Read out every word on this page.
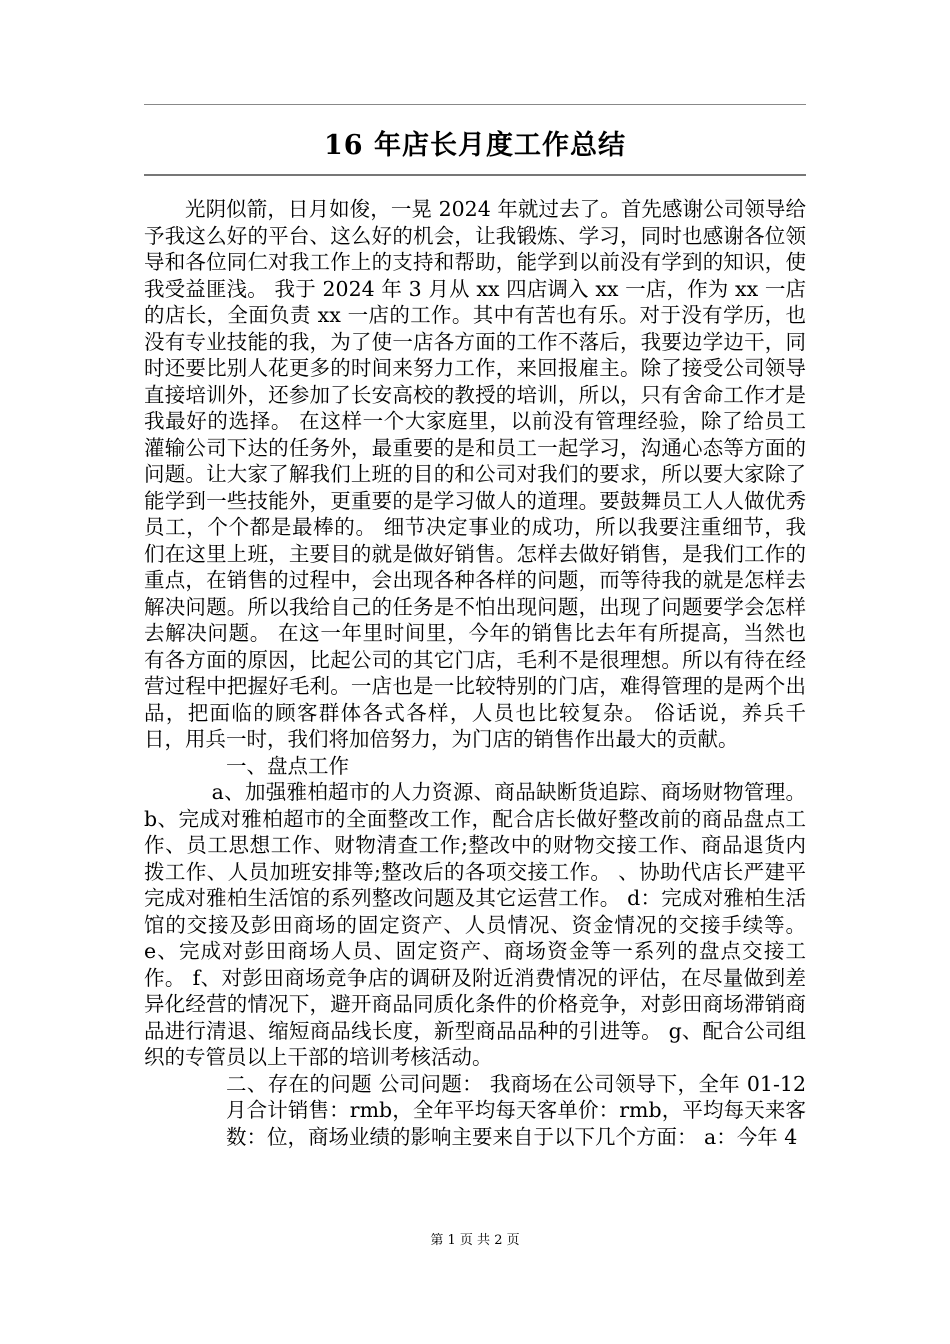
16 年店长月度工作总结

光阴似箭，日月如俊，一晃 2024 年就过去了。首先感谢公司领导给予我这么好的平台、这么好的机会，让我锻炼、学习，同时也感谢各位领导和各位同仁对我工作上的支持和帮助，能学到以前没有学到的知识，使我受益匪浅。 我于 2024 年 3 月从 xx 四店调入 xx 一店，作为 xx 一店的店长，全面负责 xx 一店的工作。其中有苦也有乐。对于没有学历，也没有专业技能的我，为了使一店各方面的工作不落后，我要边学边干，同时还要比别人花更多的时间来努力工作，来回报雇主。除了接受公司领导直接培训外，还参加了长安高校的教授的培训，所以，只有舍命工作才是我最好的选择。 在这样一个大家庭里，以前没有管理经验，除了给员工灌输公司下达的任务外，最重要的是和员工一起学习，沟通心态等方面的问题。让大家了解我们上班的目的和公司对我们的要求，所以要大家除了能学到一些技能外，更重要的是学习做人的道理。要鼓舞员工人人做优秀员工，个个都是最棒的。 细节决定事业的成功，所以我要注重细节，我们在这里上班，主要目的就是做好销售。怎样去做好销售，是我们工作的重点，在销售的过程中，会出现各种各样的问题，而等待我的就是怎样去解决问题。所以我给自己的任务是不怕出现问题，出现了问题要学会怎样去解决问题。 在这一年里时间里，今年的销售比去年有所提高，当然也有各方面的原因，比起公司的其它门店，毛利不是很理想。所以有待在经营过程中把握好毛利。一店也是一比较特别的门店，难得管理的是两个出品，把面临的顾客群体各式各样，人员也比较复杂。 俗话说，养兵千日，用兵一时，我们将加倍努力，为门店的销售作出最大的贡献。

一、盘点工作

a、加强雅柏超市的人力资源、商品缺断货追踪、商场财物管理。 b、完成对雅柏超市的全面整改工作，配合店长做好整改前的商品盘点工作、员工思想工作、财物清查工作;整改中的财物交接工作、商品退货内拨工作、人员加班安排等;整改后的各项交接工作。 、协助代店长严建平完成对雅柏生活馆的系列整改问题及其它运营工作。 d：完成对雅柏生活馆的交接及彭田商场的固定资产、人员情况、资金情况的交接手续等。 e、完成对彭田商场人员、固定资产、商场资金等一系列的盘点交接工作。 f、对彭田商场竞争店的调研及附近消费情况的评估，在尽量做到差异化经营的情况下，避开商品同质化条件的价格竞争，对彭田商场滞销商品进行清退、缩短商品线长度，新型商品品种的引进等。 g、配合公司组织的专管员以上干部的培训考核活动。

二、存在的问题 公司问题： 我商场在公司领导下，全年 01-12 月合计销售：rmb，全年平均每天客单价：rmb，平均每天来客数：位，商场业绩的影响主要来自于以下几个方面： a：今年 4

第 1 页 共 2 页
